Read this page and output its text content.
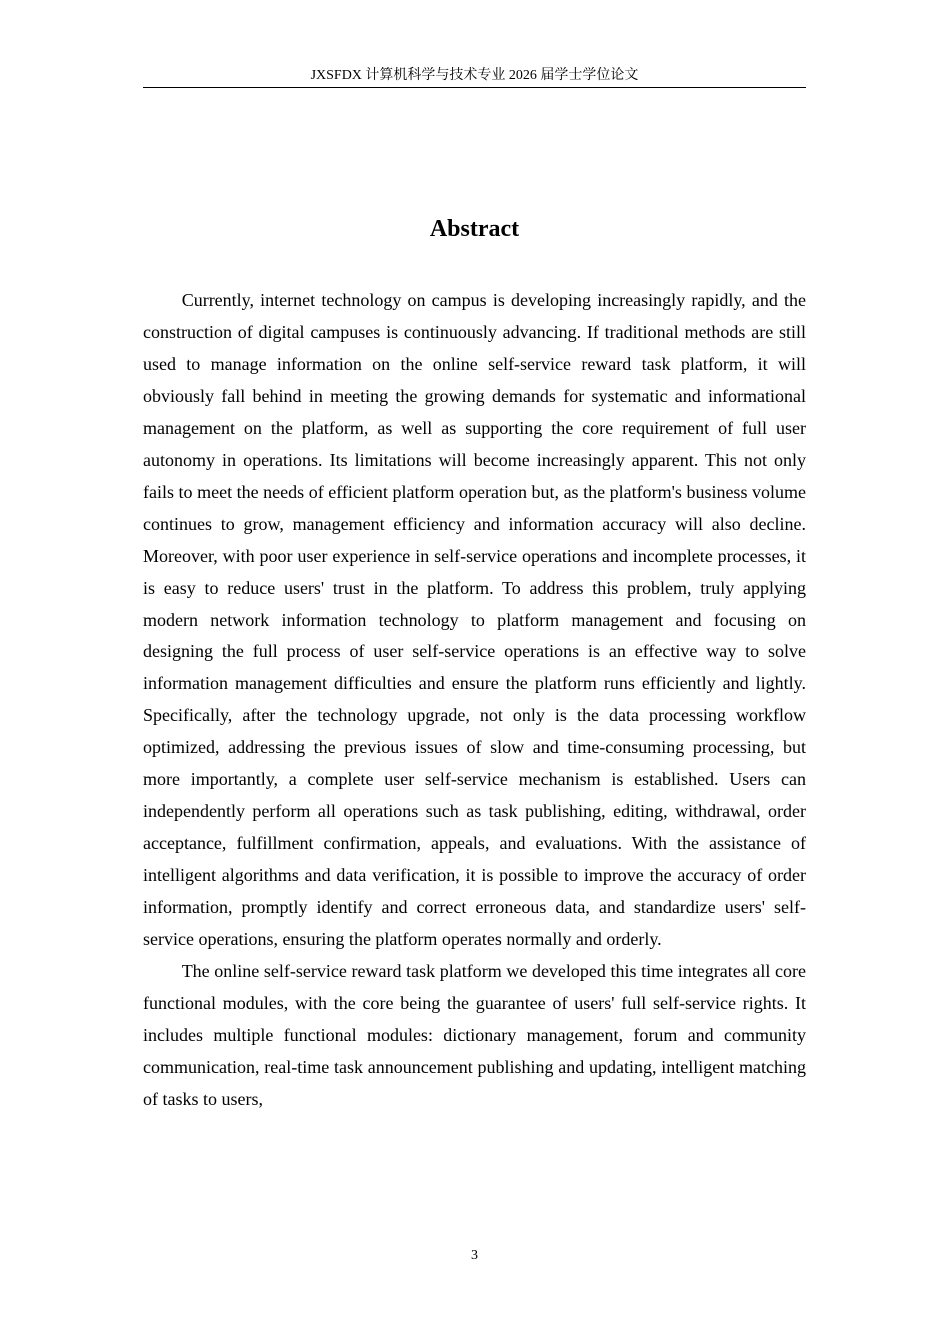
JXSFDX 计算机科学与技术专业 2026 届学士学位论文
Abstract

Currently, internet technology on campus is developing increasingly rapidly, and the construction of digital campuses is continuously advancing. If traditional methods are still used to manage information on the online self-service reward task platform, it will obviously fall behind in meeting the growing demands for systematic and informational management on the platform, as well as supporting the core requirement of full user autonomy in operations. Its limitations will become increasingly apparent. This not only fails to meet the needs of efficient platform operation but, as the platform's business volume continues to grow, management efficiency and information accuracy will also decline. Moreover, with poor user experience in self-service operations and incomplete processes, it is easy to reduce users' trust in the platform. To address this problem, truly applying modern network information technology to platform management and focusing on designing the full process of user self-service operations is an effective way to solve information management difficulties and ensure the platform runs efficiently and lightly. Specifically, after the technology upgrade, not only is the data processing workflow optimized, addressing the previous issues of slow and time-consuming processing, but more importantly, a complete user self-service mechanism is established. Users can independently perform all operations such as task publishing, editing, withdrawal, order acceptance, fulfillment confirmation, appeals, and evaluations. With the assistance of intelligent algorithms and data verification, it is possible to improve the accuracy of order information, promptly identify and correct erroneous data, and standardize users' self-service operations, ensuring the platform operates normally and orderly.

The online self-service reward task platform we developed this time integrates all core functional modules, with the core being the guarantee of users' full self-service rights. It includes multiple functional modules: dictionary management, forum and community communication, real-time task announcement publishing and updating, intelligent matching of tasks to users,

3
